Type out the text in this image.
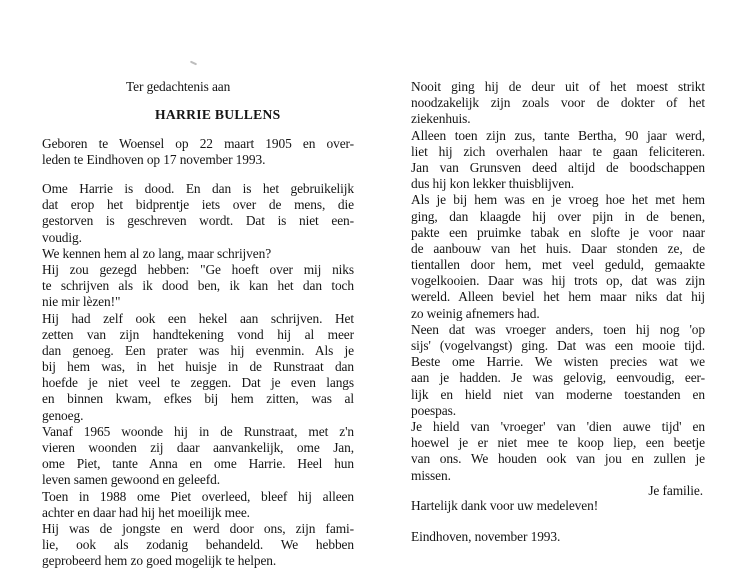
Ter gedachtenis aan
HARRIE BULLENS
Geboren te Woensel op 22 maart 1905 en over-
leden te Eindhoven op 17 november 1993.
Ome Harrie is dood. En dan is het gebruikelijk
dat erop het bidprentje iets over de mens, die
gestorven is geschreven wordt. Dat is niet een-
voudig.
We kennen hem al zo lang, maar schrijven?
Hij zou gezegd hebben: "Ge hoeft over mij niks
te schrijven als ik dood ben, ik kan het dan toch
nie mir lèzen!"
Hij had zelf ook een hekel aan schrijven. Het
zetten van zijn handtekening vond hij al meer
dan genoeg. Een prater was hij evenmin. Als je
bij hem was, in het huisje in de Runstraat dan
hoefde je niet veel te zeggen. Dat je even langs
en binnen kwam, efkes bij hem zitten, was al
genoeg.
Vanaf 1965 woonde hij in de Runstraat, met z'n
vieren woonden zij daar aanvankelijk, ome Jan,
ome Piet, tante Anna en ome Harrie. Heel hun
leven samen gewoond en geleefd.
Toen in 1988 ome Piet overleed, bleef hij alleen
achter en daar had hij het moeilijk mee.
Hij was de jongste en werd door ons, zijn fami-
lie, ook als zodanig behandeld. We hebben
geprobeerd hem zo goed mogelijk te helpen.
Nooit ging hij de deur uit of het moest strikt
noodzakelijk zijn zoals voor de dokter of het
ziekenhuis.
Alleen toen zijn zus, tante Bertha, 90 jaar werd,
liet hij zich overhalen haar te gaan feliciteren.
Jan van Grunsven deed altijd de boodschappen
dus hij kon lekker thuisblijven.
Als je bij hem was en je vroeg hoe het met hem
ging, dan klaagde hij over pijn in de benen,
pakte een pruimke tabak en slofte je voor naar
de aanbouw van het huis. Daar stonden ze, de
tientallen door hem, met veel geduld, gemaakte
vogelkooien. Daar was hij trots op, dat was zijn
wereld. Alleen beviel het hem maar niks dat hij
zo weinig afnemers had.
Neen dat was vroeger anders, toen hij nog 'op
sijs' (vogelvangst) ging. Dat was een mooie tijd.
Beste ome Harrie. We wisten precies wat we
aan je hadden. Je was gelovig, eenvoudig, eer-
lijk en hield niet van moderne toestanden en
poespas.
Je hield van 'vroeger' van 'dien auwe tijd' en
hoewel je er niet mee te koop liep, een beetje
van ons. We houden ook van jou en zullen je
missen.
Je familie.
Hartelijk dank voor uw medeleven!
Eindhoven, november 1993.
